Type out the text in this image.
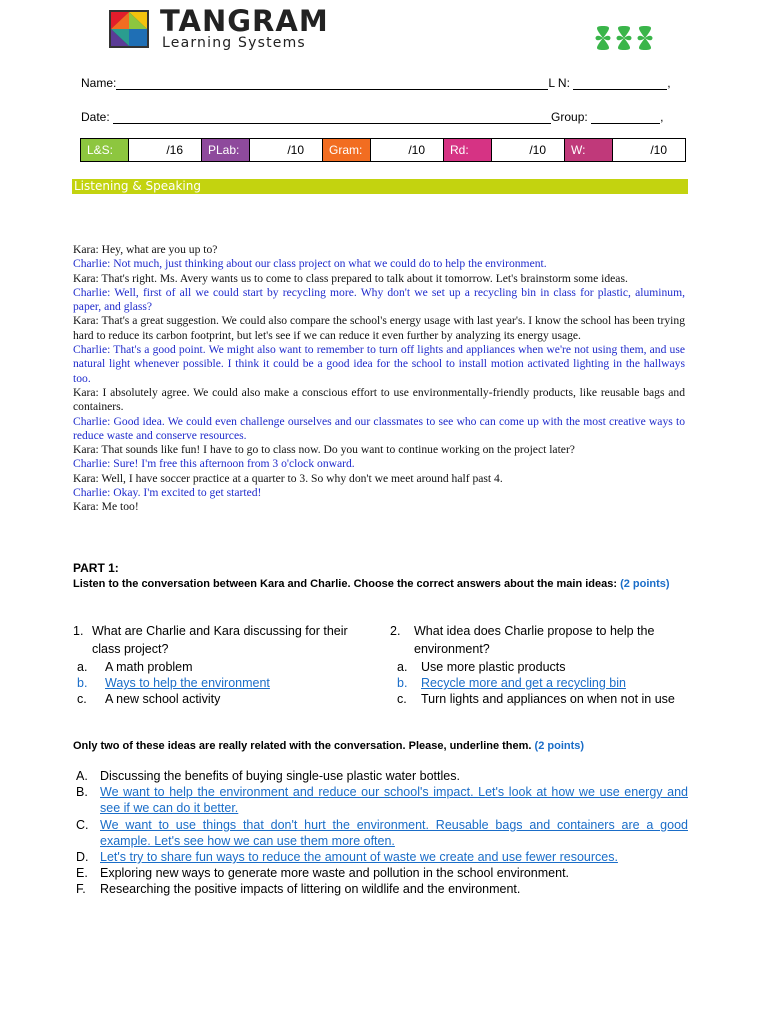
TANGRAM
Learning Systems
Name:	L N:	,
Date:	Group:	,
L&S:	/16	PLab:	/10	Gram:	/10	Rd:	/10	W:	/10
Listening & Speaking

Kara: Hey, what are you up to?

Charlie: Not much, just thinking about our class project on what we could do to help the environment.

Kara: That's right. Ms. Avery wants us to come to class prepared to talk about it tomorrow. Let's brainstorm some ideas.

Charlie: Well, first of all we could start by recycling more. Why don't we set up a recycling bin in class for plastic, aluminum, paper, and glass?

Kara: That's a great suggestion. We could also compare the school's energy usage with last year's. I know the school has been trying hard to reduce its carbon footprint, but let's see if we can reduce it even further by analyzing its energy usage.

Charlie: That's a good point. We might also want to remember to turn off lights and appliances when we're not using them, and use natural light whenever possible. I think it could be a good idea for the school to install motion activated lighting in the hallways too.

Kara: I absolutely agree. We could also make a conscious effort to use environmentally-friendly products, like reusable bags and containers.

Charlie: Good idea. We could even challenge ourselves and our classmates to see who can come up with the most creative ways to reduce waste and conserve resources.

Kara: That sounds like fun! I have to go to class now. Do you want to continue working on the project later?

Charlie: Sure! I'm free this afternoon from 3 o'clock onward.

Kara: Well, I have soccer practice at a quarter to 3. So why don't we meet around half past 4.

Charlie: Okay. I'm excited to get started!

Kara: Me too!

PART 1:
Listen to the conversation between Kara and Charlie. Choose the correct answers about the main ideas: (2 points)
1. What are Charlie and Kara discussing for their class project?
a. A math problem
b. Ways to help the environment
c. A new school activity
2.	What idea does Charlie propose to help the environment?
a. Use more plastic products
b. Recycle more and get a recycling bin
c.	Turn lights and appliances on when not in use
Only two of these ideas are really related with the conversation. Please, underline them. (2 points)
A. Discussing the benefits of buying single-use plastic water bottles.
B. We want to help the environment and reduce our school's impact. Let's look at how we use energy and see if we can do it better.
C. We want to use things that don't hurt the environment. Reusable bags and containers are a good example. Let's see how we can use them more often.
D. Let's try to share fun ways to reduce the amount of waste we create and use fewer resources.
E. Exploring new ways to generate more waste and pollution in the school environment.
F.	Researching the positive impacts of littering on wildlife and the environment.
